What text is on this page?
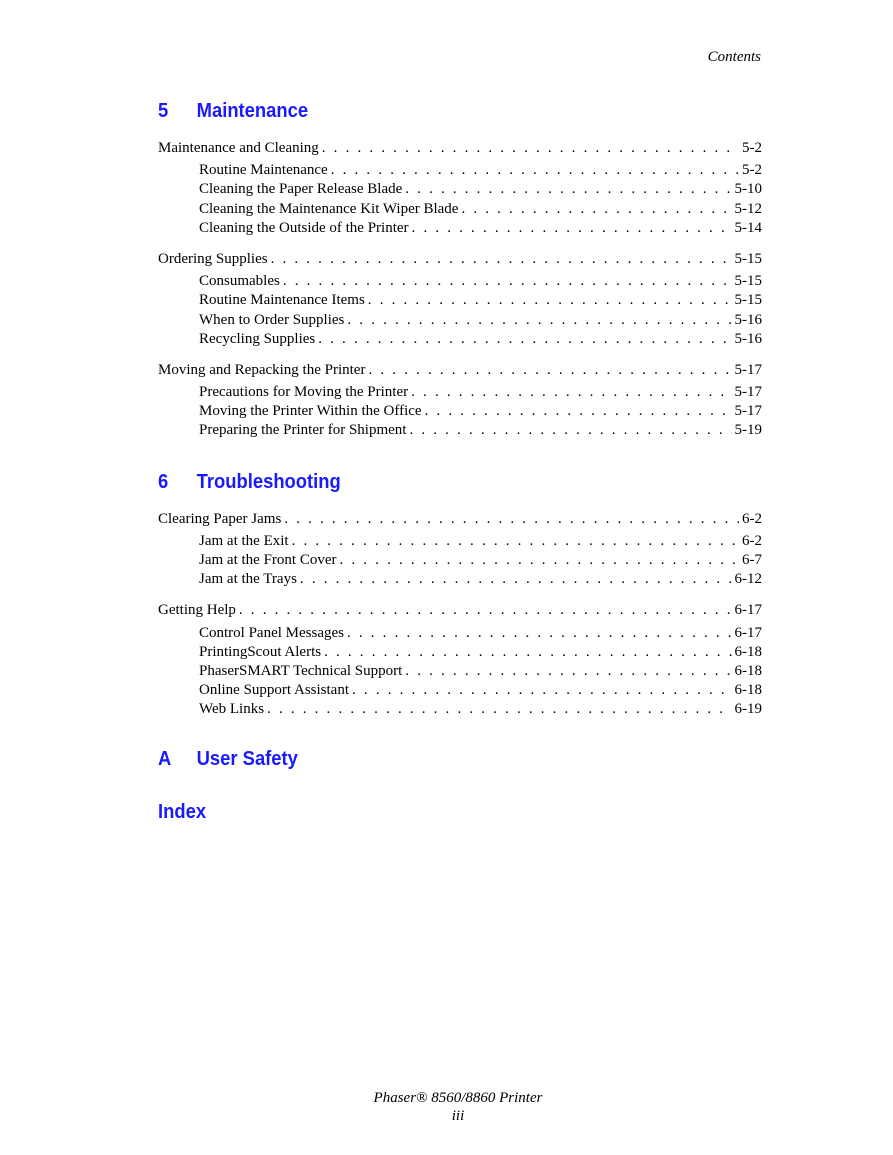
Contents
5	Maintenance
Maintenance and Cleaning . . .	5-2
Routine Maintenance . . .	5-2
Cleaning the Paper Release Blade . . .	5-10
Cleaning the Maintenance Kit Wiper Blade . . .	5-12
Cleaning the Outside of the Printer . . .	5-14
Ordering Supplies . . .	5-15
Consumables . . .	5-15
Routine Maintenance Items . . .	5-15
When to Order Supplies . . .	5-16
Recycling Supplies . . .	5-16
Moving and Repacking the Printer . . .	5-17
Precautions for Moving the Printer . . .	5-17
Moving the Printer Within the Office . . .	5-17
Preparing the Printer for Shipment . . .	5-19
6	Troubleshooting
Clearing Paper Jams . . .	6-2
Jam at the Exit . . .	6-2
Jam at the Front Cover . . .	6-7
Jam at the Trays . . .	6-12
Getting Help . . .	6-17
Control Panel Messages . . .	6-17
PrintingScout Alerts . . .	6-18
PhaserSMART Technical Support . . .	6-18
Online Support Assistant . . .	6-18
Web Links . . .	6-19
A	User Safety
Index
Phaser® 8560/8860 Printer
iii
